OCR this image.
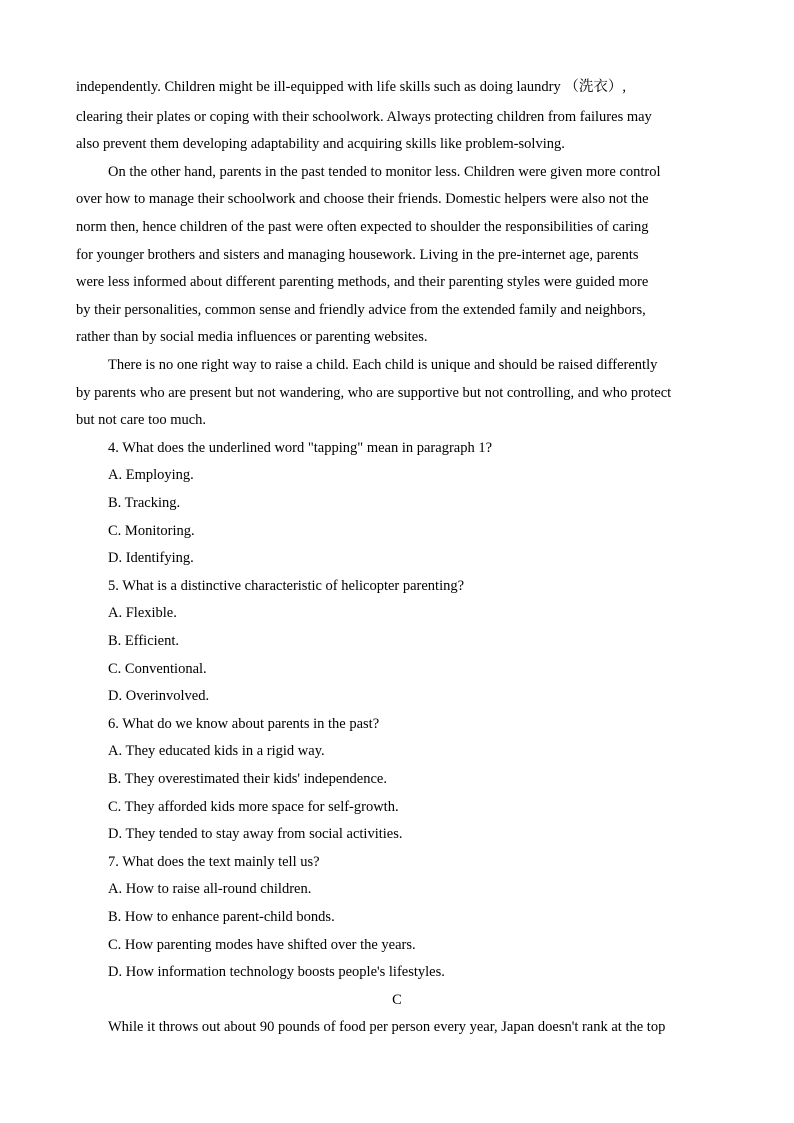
independently. Children might be ill-equipped with life skills such as doing laundry （洗衣）,
clearing their plates or coping with their schoolwork. Always protecting children from failures may
also prevent them developing adaptability and acquiring skills like problem-solving.
On the other hand, parents in the past tended to monitor less. Children were given more control
over how to manage their schoolwork and choose their friends. Domestic helpers were also not the
norm then, hence children of the past were often expected to shoulder the responsibilities of caring
for younger brothers and sisters and managing housework. Living in the pre-internet age, parents
were less informed about different parenting methods, and their parenting styles were guided more
by their personalities, common sense and friendly advice from the extended family and neighbors,
rather than by social media influences or parenting websites.
There is no one right way to raise a child. Each child is unique and should be raised differently
by parents who are present but not wandering, who are supportive but not controlling, and who protect
but not care too much.
4. What does the underlined word "tapping" mean in paragraph 1?
A. Employing.
B. Tracking.
C. Monitoring.
D. Identifying.
5. What is a distinctive characteristic of helicopter parenting?
A. Flexible.
B. Efficient.
C. Conventional.
D. Overinvolved.
6. What do we know about parents in the past?
A. They educated kids in a rigid way.
B. They overestimated their kids' independence.
C. They afforded kids more space for self-growth.
D. They tended to stay away from social activities.
7. What does the text mainly tell us?
A. How to raise all-round children.
B. How to enhance parent-child bonds.
C. How parenting modes have shifted over the years.
D. How information technology boosts people's lifestyles.
C
While it throws out about 90 pounds of food per person every year, Japan doesn't rank at the top
